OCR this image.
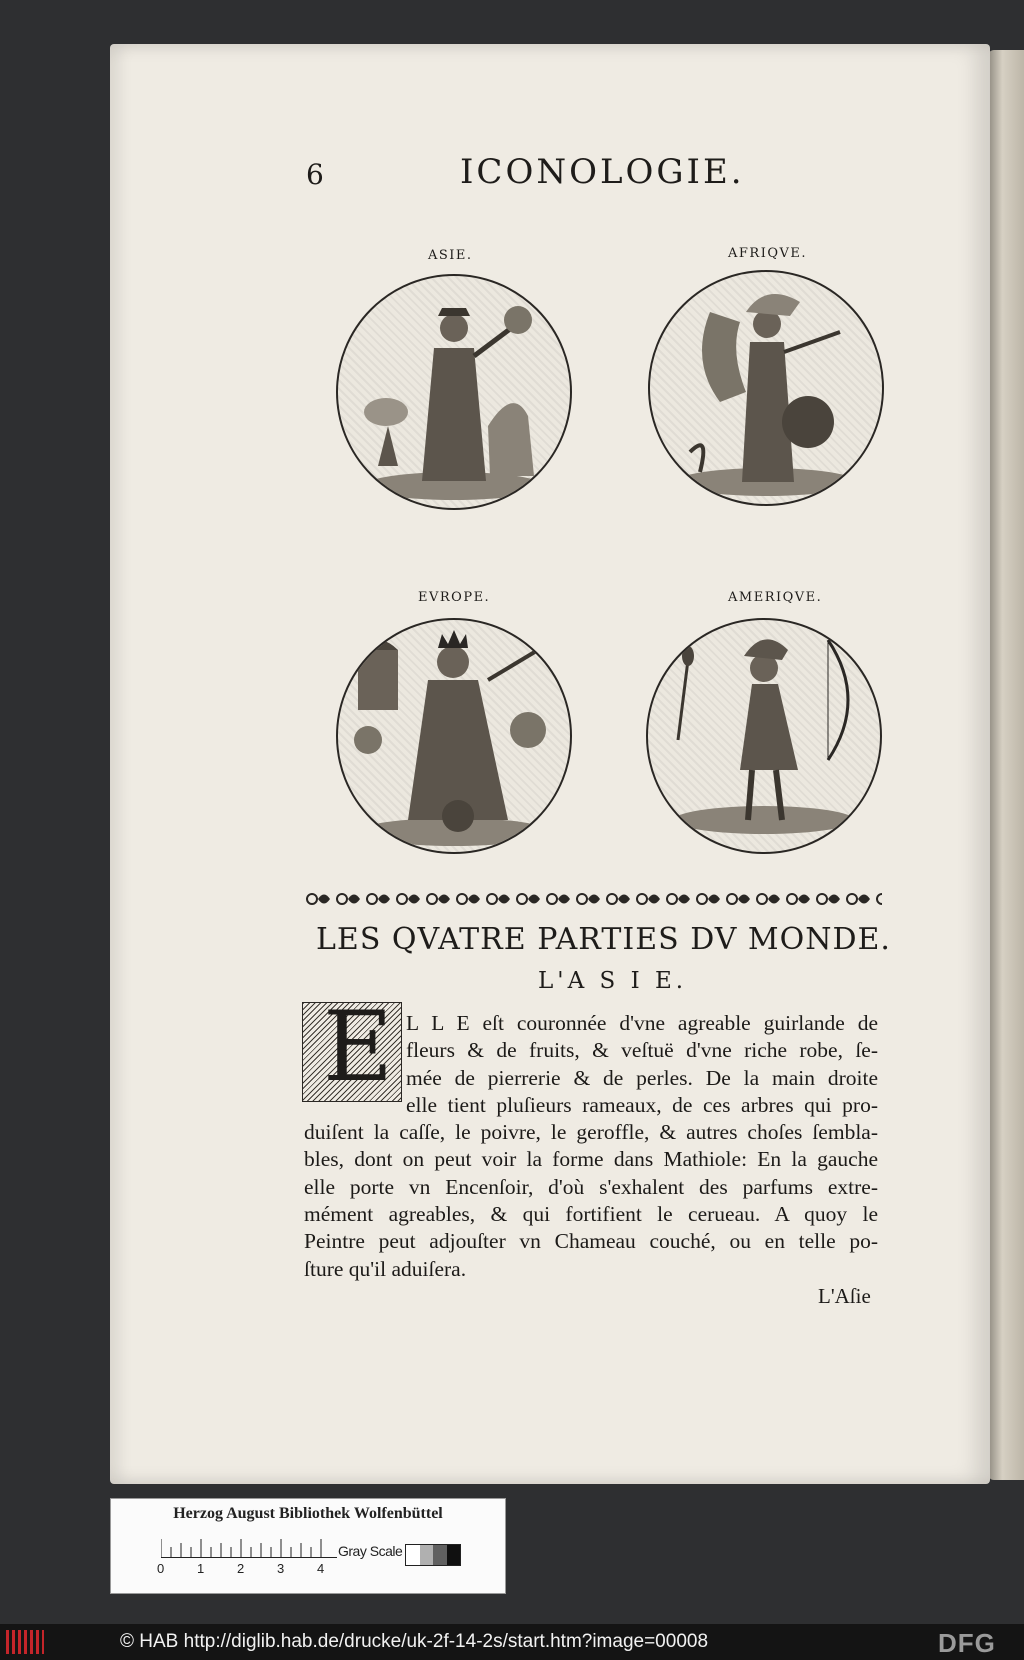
6	ICONOLOGIE.
ASIE.	AFRIQVE.
EVROPE.	AMERIQVE.
LES QVATRE PARTIES DV MONDE.
L'A S I E.
E L L E eſt couronnée d'vne agreable guirlande de
fleurs & de fruits, & veſtuë d'vne riche robe, ſe-
mée de pierrerie & de perles. De la main droite
elle tient pluſieurs rameaux, de ces arbres qui pro-
duiſent la caſſe, le poivre, le geroffle, & autres choſes ſembla-
bles, dont on peut voir la forme dans Mathiole: En la gauche
elle porte vn Encenſoir, d'où s'exhalent des parfums extre-
mément agreables, & qui fortifient le cerueau. A quoy le
Peintre peut adjouſter vn Chameau couché, ou en telle po-
ſture qu'il aduiſera.
L'Aſie
Herzog August Bibliothek Wolfenbüttel
0	1	2	3	4
Gray Scale
© HAB http://diglib.hab.de/drucke/uk-2f-14-2s/start.htm?image=00008	DFG
